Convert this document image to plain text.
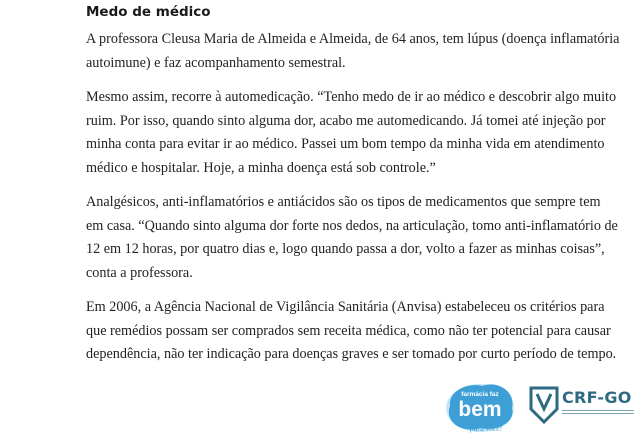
Medo de médico

A professora Cleusa Maria de Almeida e Almeida, de 64 anos, tem lúpus (doença inflamatória autoimune) e faz acompanhamento semestral.

Mesmo assim, recorre à automedicação. “Tenho medo de ir ao médico e descobrir algo muito ruim. Por isso, quando sinto alguma dor, acabo me automedicando. Já tomei até injeção por minha conta para evitar ir ao médico. Passei um bom tempo da minha vida em atendimento médico e hospitalar. Hoje, a minha doença está sob controle.”

Analgésicos, anti-inflamatórios e antiácidos são os tipos de medicamentos que sempre tem em casa. “Quando sinto alguma dor forte nos dedos, na articulação, tomo anti-inflamatório de 12 em 12 horas, por quatro dias e, logo quando passa a dor, volto a fazer as minhas coisas”, conta a professora.

Em 2006, a Agência Nacional de Vigilância Sanitária (Anvisa) estabeleceu os critérios para que remédios possam ser comprados sem receita médica, como não ter potencial para causar dependência, não ter indicação para doenças graves e ser tomado por curto período de tempo.

farmácia faz
bem
para você!
CRF-GO
